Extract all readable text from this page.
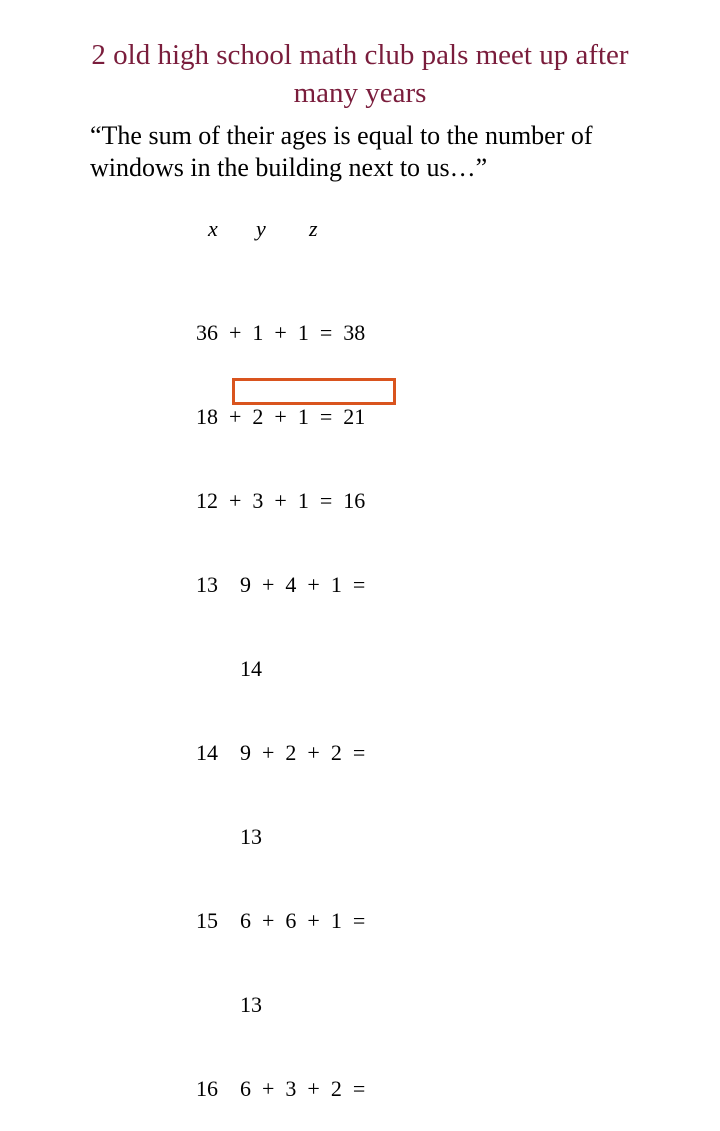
2 old high school math club pals meet up after
many years
“The sum of their ages is equal to the number of
windows in the building next to us…”
x y z

36  +  1  +  1  =  38

18  +  2  +  1  =  21

12  +  3  +  1  =  16

13    9  +  4  +  1  =

14

14    9  +  2  +  2  =

13

15    6  +  6  +  1  =

13

16    6  +  3  +  2  =
